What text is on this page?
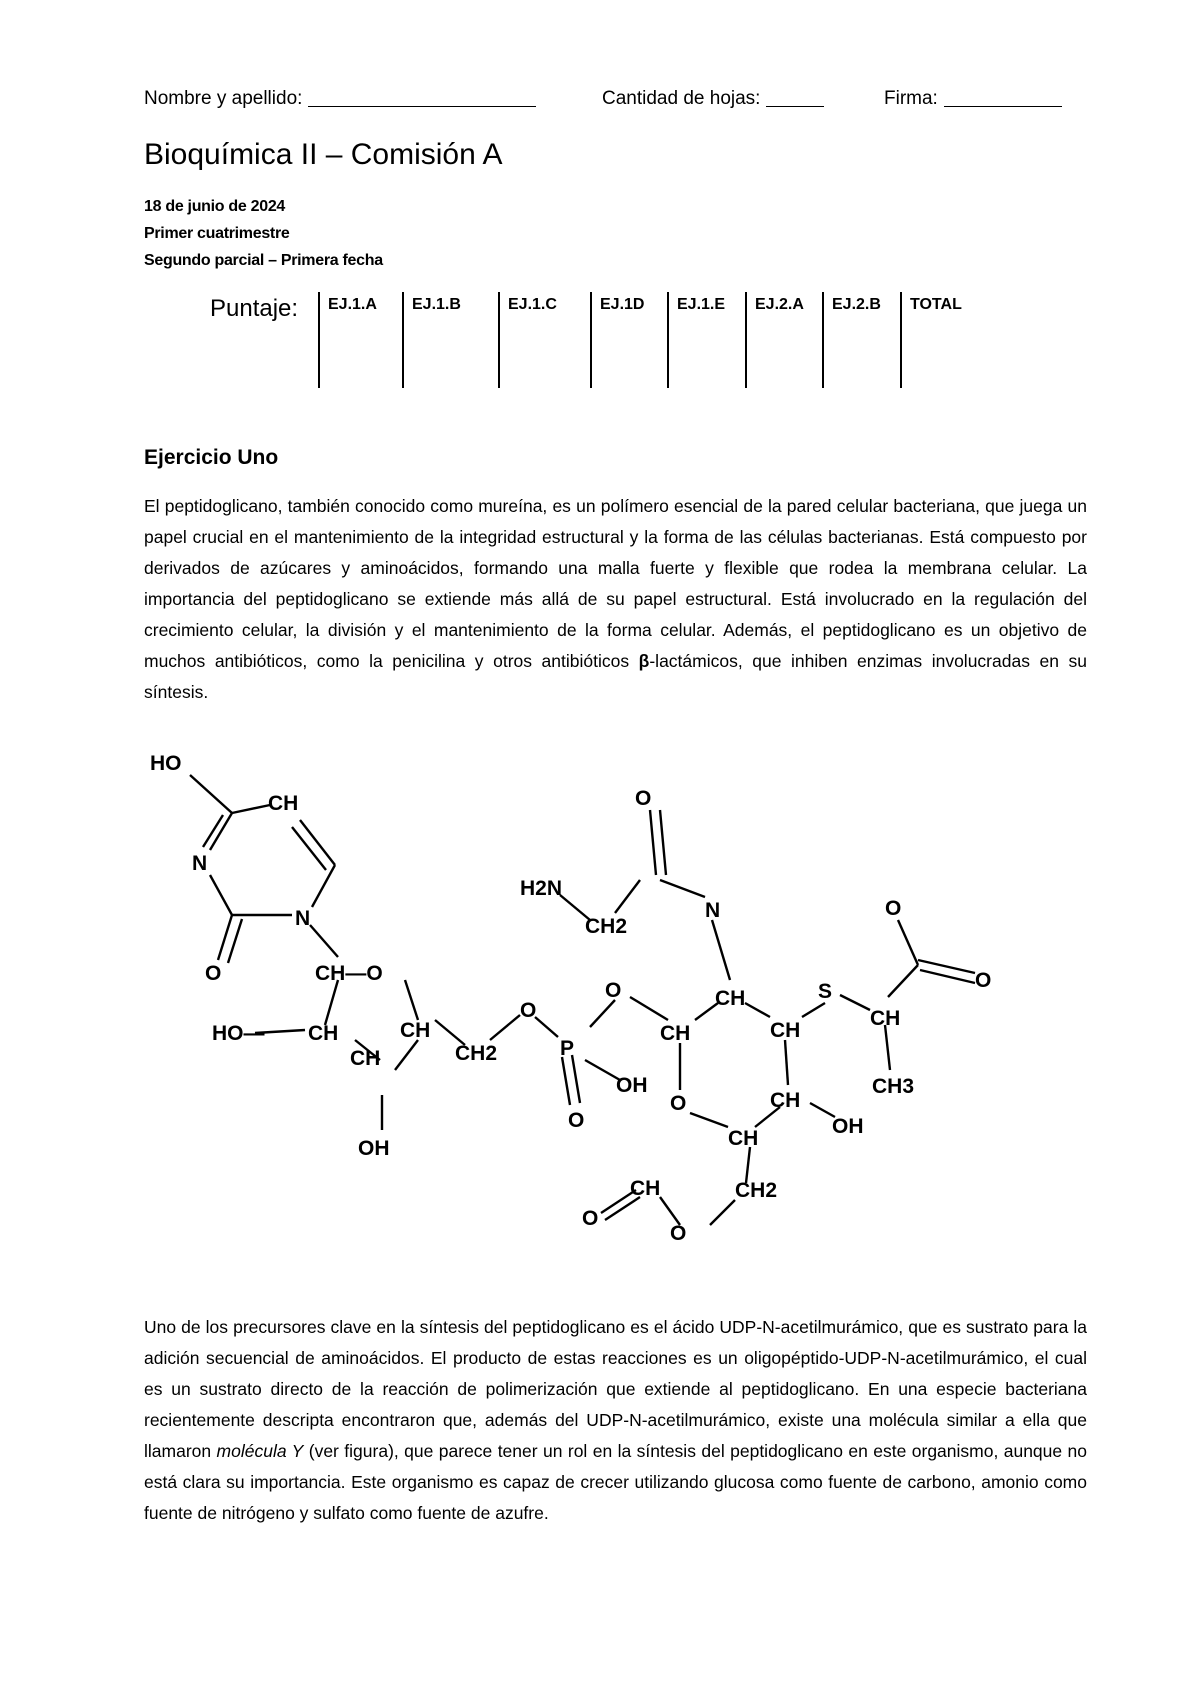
Nombre y apellido:	Cantidad de hojas:	Firma:
Bioquímica II – Comisión A
18 de junio de 2024
Primer cuatrimestre
Segundo parcial – Primera fecha
Puntaje: EJ.1.A EJ.1.B	EJ.1.C	EJ.1D EJ.1.E EJ.2.A EJ.2.B TOTAL
Ejercicio Uno
El peptidoglicano, también conocido como mureína, es un polímero esencial de la pared celular bacteriana, que juega un papel crucial en el mantenimiento de la integridad estructural y la forma de las células bacterianas. Está compuesto por derivados de azúcares y aminoácidos, formando una malla fuerte y flexible que rodea la membrana celular. La importancia del peptidoglicano se extiende más allá de su papel estructural. Está involucrado en la regulación del crecimiento celular, la división y el mantenimiento de la forma celular. Además, el peptidoglicano es un objetivo de muchos antibióticos, como la penicilina y otros antibióticos β-lactámicos, que inhiben enzimas involucradas en su síntesis.
HO
CH
N
N
O	CH—O
HO— CH	CH
CH
OH
CH2
O
P
OH
O
O
H2N
CH2
N
O
CH
CH
CH
S
CH
O
O
CH3
CH
OH
O
CH
CH2
O
CH
O
Uno de los precursores clave en la síntesis del peptidoglicano es el ácido UDP-N-acetilmurámico, que es sustrato para la adición secuencial de aminoácidos. El producto de estas reacciones es un oligopéptido-UDP-N-acetilmurámico, el cual es un sustrato directo de la reacción de polimerización que extiende al peptidoglicano. En una especie bacteriana recientemente descripta encontraron que, además del UDP-N-acetilmurámico, existe una molécula similar a ella que llamaron molécula Y (ver figura), que parece tener un rol en la síntesis del peptidoglicano en este organismo, aunque no está clara su importancia. Este organismo es capaz de crecer utilizando glucosa como fuente de carbono, amonio como fuente de nitrógeno y sulfato como fuente de azufre.
